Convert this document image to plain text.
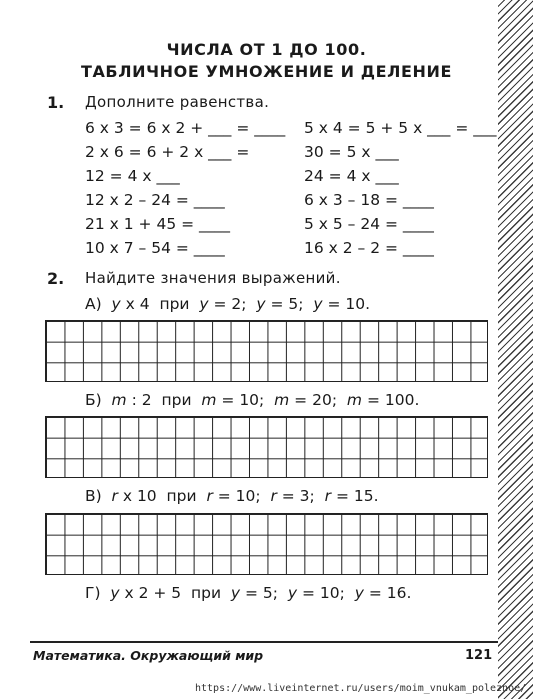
ЧИСЛА ОТ 1 ДО 100.
ТАБЛИЧНОЕ УМНОЖЕНИЕ И ДЕЛЕНИЕ
1. Дополните равенства.
6 x 3 = 6 x 2 + ___ = ____
2 x 6 = 6 + 2 x ___ =
12 = 4 x ___
12 x 2 – 24 = ____
21 x 1 + 45 = ____
10 x 7 – 54 = ____
5 x 4 = 5 + 5 x ___ = ___
30 = 5 x ___
24 = 4 x ___
6 x 3 – 18 = ____
5 x 5 – 24 = ____
16 x 2 – 2 = ____
2. Найдите значения выражений.
А) y x 4 при y = 2; y = 5; y = 10.
Б) m : 2 при m = 10; m = 20; m = 100.
В) r x 10 при r = 10; r = 3; r = 15.
Г) y x 2 + 5 при y = 5; y = 10; y = 16.
Математика. Окружающий мир	121
https://www.liveinternet.ru/users/moim_vnukam_poleznoe/
